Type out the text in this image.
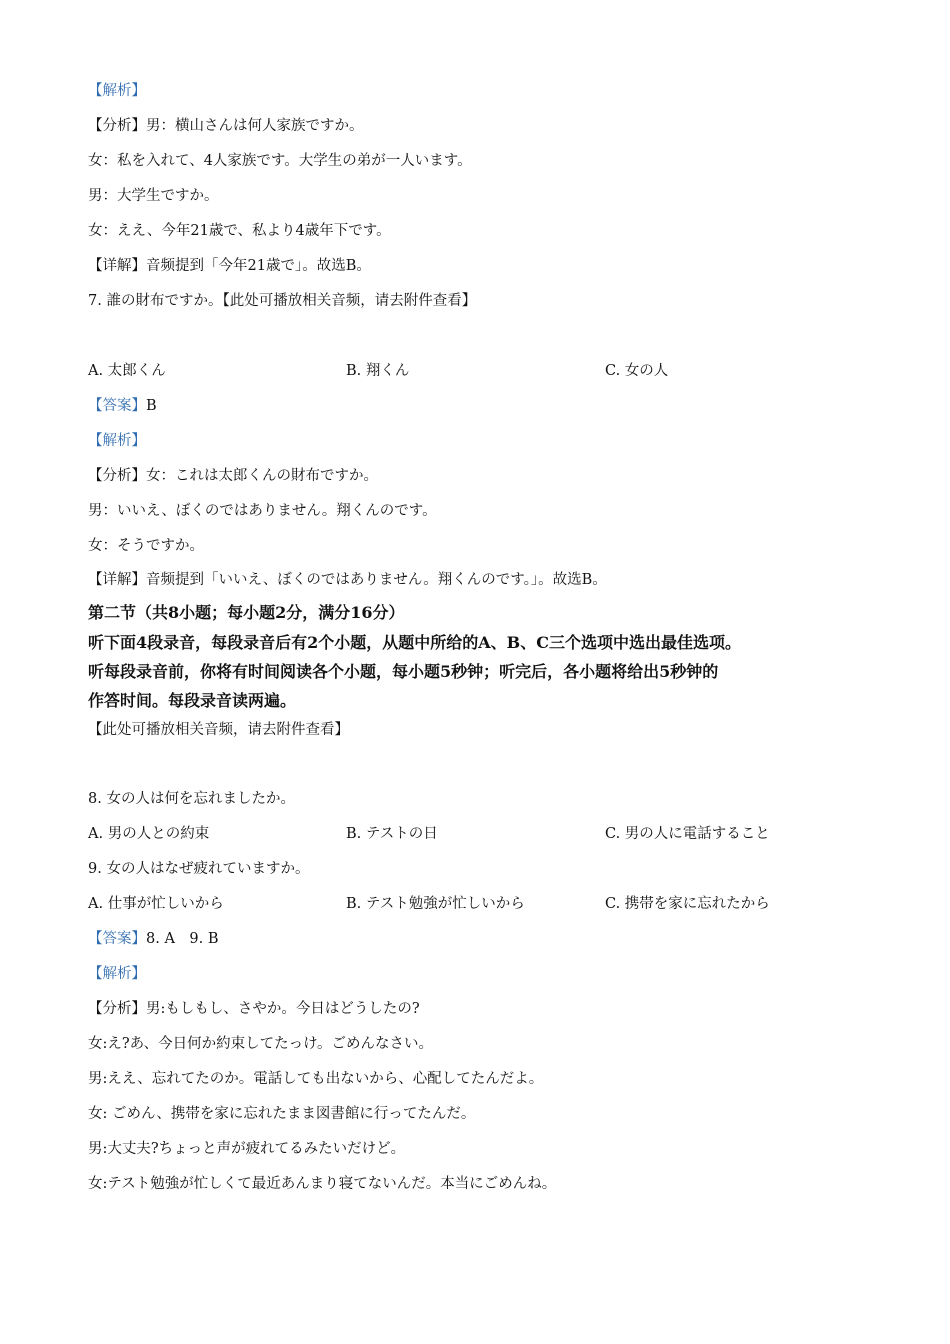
【解析】
【分析】男：横山さんは何人家族ですか。
女：私を入れて、4人家族です。大学生の弟が一人います。
男：大学生ですか。
女：ええ、今年21歳で、私より4歳年下です。
【详解】音频提到「今年21歳で」。故选B。
7. 誰の財布ですか。【此处可播放相关音频，请去附件查看】
A. 太郎くん	B. 翔くん	C. 女の人
【答案】B
【解析】
【分析】女：これは太郎くんの財布ですか。
男：いいえ、ぼくのではありません。翔くんのです。
女：そうですか。
【详解】音频提到「いいえ、ぼくのではありません。翔くんのです。」。故选B。
第二节（共8小题；每小题2分，满分16分）
听下面4段录音，每段录音后有2个小题，从题中所给的A、B、C三个选项中选出最佳选项。
听每段录音前，你将有时间阅读各个小题，每小题5秒钟；听完后，各小题将给出5秒钟的
作答时间。每段录音读两遍。
【此处可播放相关音频，请去附件查看】
8. 女の人は何を忘れましたか。
A. 男の人との約束	B. テストの日	C. 男の人に電話すること
9. 女の人はなぜ疲れていますか。
A. 仕事が忙しいから	B. テスト勉強が忙しいから	C. 携帯を家に忘れたから
【答案】8. A　9. B
【解析】
【分析】男:もしもし、さやか。今日はどうしたの?
女:え?あ、今日何か約束してたっけ。ごめんなさい。
男:ええ、忘れてたのか。電話しても出ないから、心配してたんだよ。
女: ごめん、携帯を家に忘れたまま図書館に行ってたんだ。
男:大丈夫?ちょっと声が疲れてるみたいだけど。
女:テスト勉強が忙しくて最近あんまり寝てないんだ。本当にごめんね。
